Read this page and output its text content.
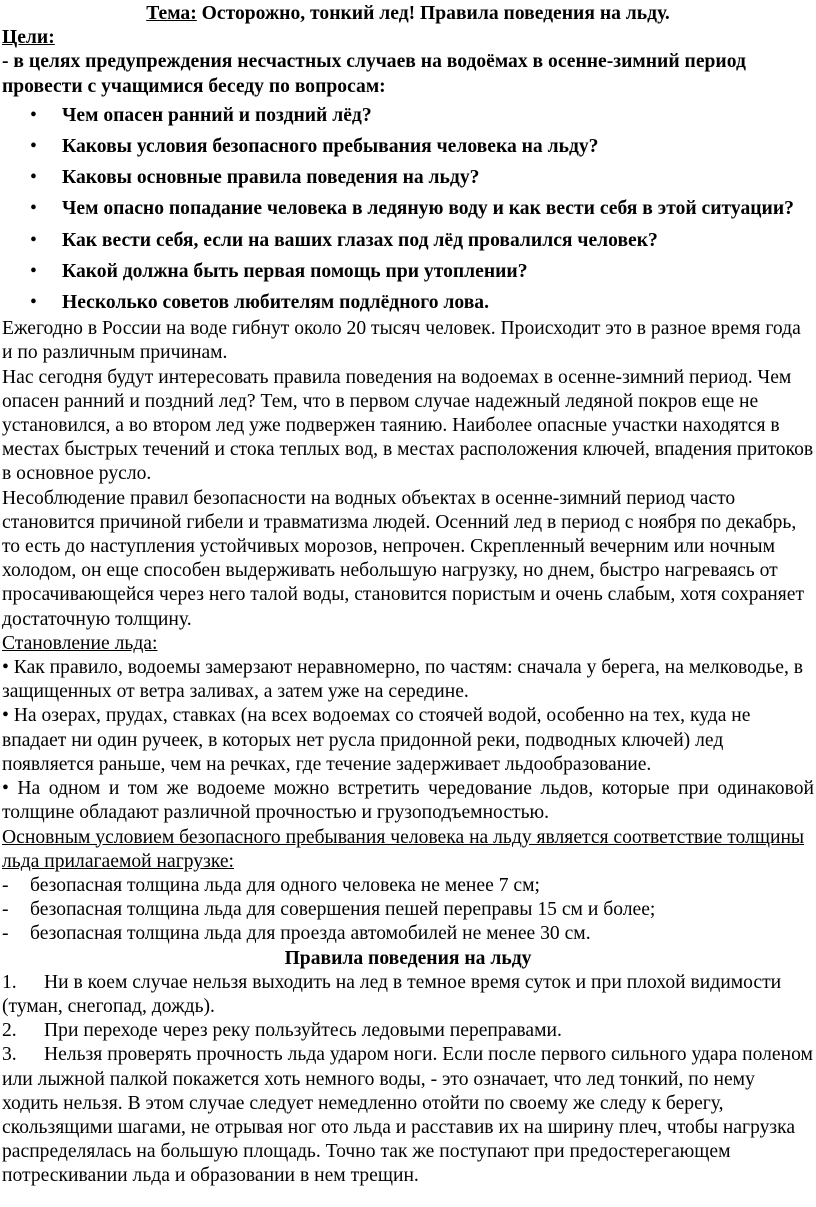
Тема: Осторожно, тонкий лед! Правила поведения на льду.

Цели:

- в целях предупреждения несчастных случаев на водоёмах в осенне-зимний период провести с учащимися беседу по вопросам:

• Чем опасен ранний и поздний лёд?
• Каковы условия безопасного пребывания человека на льду?
• Каковы основные правила поведения на льду?
• Чем опасно попадание человека в ледяную воду и как вести себя в этой ситуации?
• Как вести себя, если на ваших глазах под лёд провалился человек?
• Какой должна быть первая помощь при утоплении?
• Несколько советов любителям подлёдного лова.

Ежегодно в России на воде гибнут около 20 тысяч человек. Происходит это в разное время года и по различным причинам.

Нас сегодня будут интересовать правила поведения на водоемах в осенне-зимний период. Чем опасен ранний и поздний лед? Тем, что в первом случае надежный ледяной покров еще не установился, а во втором лед уже подвержен таянию. Наиболее опасные участки находятся в местах быстрых течений и стока теплых вод, в местах расположения ключей, впадения притоков в основное русло.

Несоблюдение правил безопасности на водных объектах в осенне-зимний период часто становится причиной гибели и травматизма людей. Осенний лед в период с ноября по декабрь, то есть до наступления устойчивых морозов, непрочен. Скрепленный вечерним или ночным холодом, он еще способен выдерживать небольшую нагрузку, но днем, быстро нагреваясь от просачивающейся через него талой воды, становится пористым и очень слабым, хотя сохраняет достаточную толщину.

Становление льда:

• Как правило, водоемы замерзают неравномерно, по частям: сначала у берега, на мелководье, в защищенных от ветра заливах, а затем уже на середине.

• На озерах, прудах, ставках (на всех водоемах со стоячей водой, особенно на тех, куда не впадает ни один ручеек, в которых нет русла придонной реки, подводных ключей) лед появляется раньше, чем на речках, где течение задерживает льдообразование.

• На одном и том же водоеме можно встретить чередование льдов, которые при одинаковой толщине обладают различной прочностью и грузоподъемностью.

Основным условием безопасного пребывания человека на льду является соответствие толщины льда прилагаемой нагрузке:

- безопасная толщина льда для одного человека не менее 7 см;

- безопасная толщина льда для совершения пешей переправы 15 см и более;

- безопасная толщина льда для проезда автомобилей не менее 30 см.

Правила поведения на льду

1. Ни в коем случае нельзя выходить на лед в темное время суток и при плохой видимости (туман, снегопад, дождь).

2. При переходе через реку пользуйтесь ледовыми переправами.

3. Нельзя проверять прочность льда ударом ноги. Если после первого сильного удара поленом или лыжной палкой покажется хоть немного воды, - это означает, что лед тонкий, по нему ходить нельзя. В этом случае следует немедленно отойти по своему же следу к берегу, скользящими шагами, не отрывая ног ото льда и расставив их на ширину плеч, чтобы нагрузка распределялась на большую площадь. Точно так же поступают при предостерегающем потрескивании льда и образовании в нем трещин.
